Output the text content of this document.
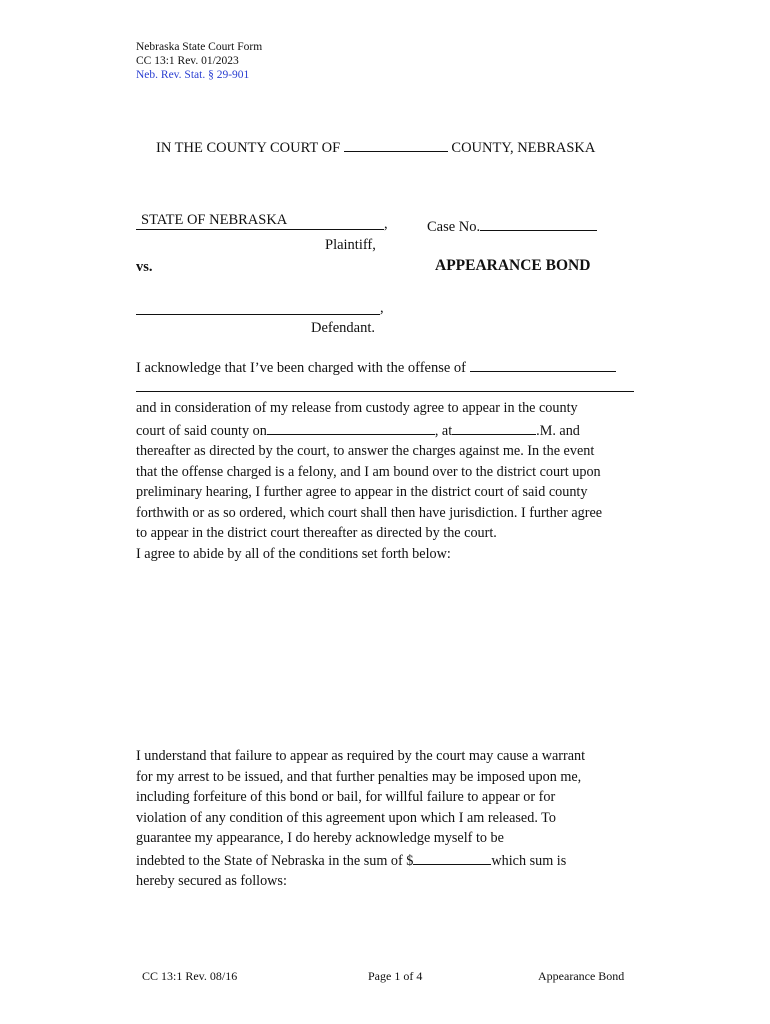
Nebraska State Court Form
CC 13:1 Rev. 01/2023
Neb. Rev. Stat. § 29-901
IN THE COUNTY COURT OF	COUNTY, NEBRASKA
STATE OF NEBRASKA	,
Plaintiff,
Case No.
vs.	APPEARANCE BOND
,
Defendant.
I acknowledge that I’ve been charged with the offense of
and in consideration of my release from custody agree to appear in the county
court of said county on	, at	.M. and
thereafter as directed by the court, to answer the charges against me. In the event
that the offense charged is a felony, and I am bound over to the district court upon
preliminary hearing, I further agree to appear in the district court of said county
forthwith or as so ordered, which court shall then have jurisdiction. I further agree
to appear in the district court thereafter as directed by the court.
I agree to abide by all of the conditions set forth below:
I understand that failure to appear as required by the court may cause a warrant
for my arrest to be issued, and that further penalties may be imposed upon me,
including forfeiture of this bond or bail, for willful failure to appear or for
violation of any condition of this agreement upon which I am released. To
guarantee my appearance, I do hereby acknowledge myself to be
indebted to the State of Nebraska in the sum of $	which sum is
hereby secured as follows:
CC 13:1 Rev. 08/16	Page 1 of 4	Appearance Bond
